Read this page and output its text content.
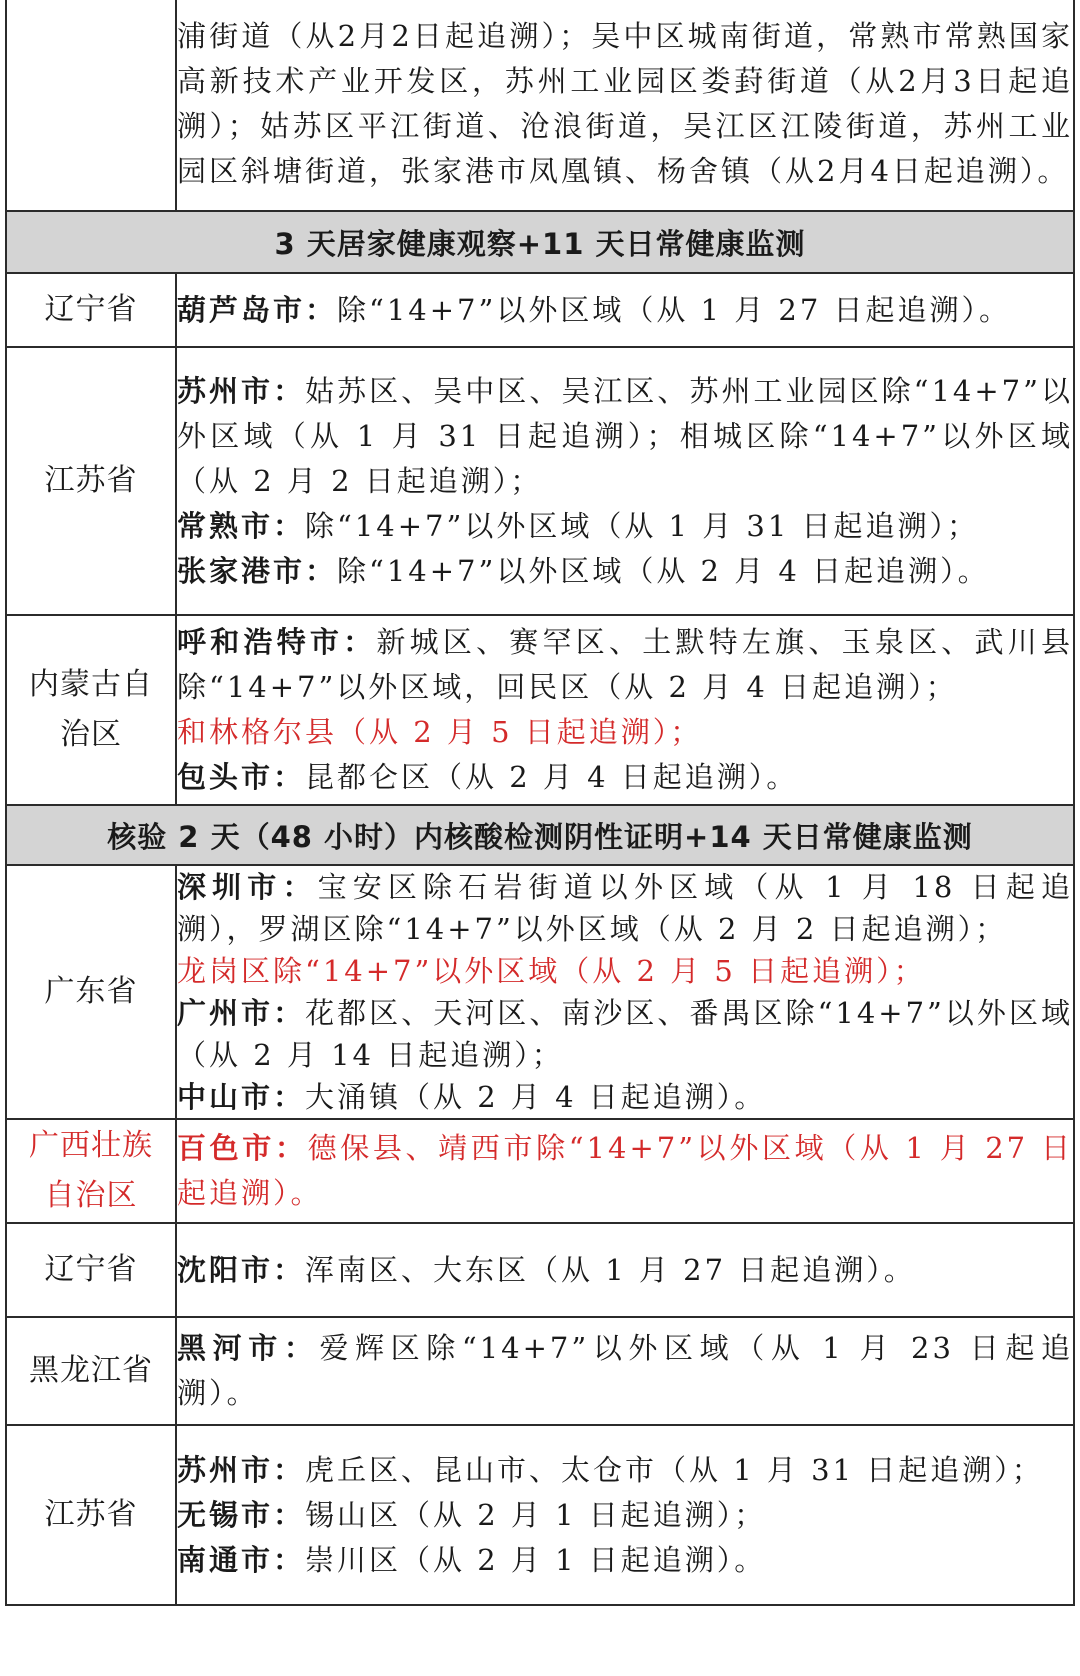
	浦街道（从2月2日起追溯）；吴中区城南街道，常熟市常熟国家高新技术产业开发区，苏州工业园区娄葑街道（从2月3日起追溯）；姑苏区平江街道、沧浪街道，吴江区江陵街道，苏州工业园区斜塘街道，张家港市凤凰镇、杨舍镇（从2月4日起追溯）。
3 天居家健康观察+11 天日常健康监测	
辽宁省	葫芦岛市：除“14+7”以外区域（从 1 月 27 日起追溯）。
江苏省	苏州市：姑苏区、吴中区、吴江区、苏州工业园区除“14+7”以外区域（从 1 月 31 日起追溯）；相城区除“14+7”以外区域（从 2 月 2 日起追溯）；
常熟市：除“14+7”以外区域（从 1 月 31 日起追溯）；
张家港市：除“14+7”以外区域（从 2 月 4 日起追溯）。

内蒙古自
治区	呼和浩特市：新城区、赛罕区、土默特左旗、玉泉区、武川县除“14+7”以外区域，回民区（从 2 月 4 日起追溯）；
和林格尔县（从 2 月 5 日起追溯）；
包头市：昆都仑区（从 2 月 4 日起追溯）。

核验 2 天（48 小时）内核酸检测阴性证明+14 天日常健康监测	
广东省	深圳市：宝安区除石岩街道以外区域（从 1 月 18 日起追溯），罗湖区除“14+7”以外区域（从 2 月 2 日起追溯）；
龙岗区除“14+7”以外区域（从 2 月 5 日起追溯）；
广州市：花都区、天河区、南沙区、番禺区除“14+7”以外区域（从 2 月 14 日起追溯）；
中山市：大涌镇（从 2 月 4 日起追溯）。

广西壮族
自治区	百色市：德保县、靖西市除“14+7”以外区域（从 1 月 27 日起追溯）。
辽宁省	沈阳市：浑南区、大东区（从 1 月 27 日起追溯）。
黑龙江省	黑河市：爱辉区除“14+7”以外区域（从 1 月 23 日起追溯）。
江苏省	苏州市：虎丘区、昆山市、太仓市（从 1 月 31 日起追溯）；
无锡市：锡山区（从 2 月 1 日起追溯）；
南通市：崇川区（从 2 月 1 日起追溯）。
